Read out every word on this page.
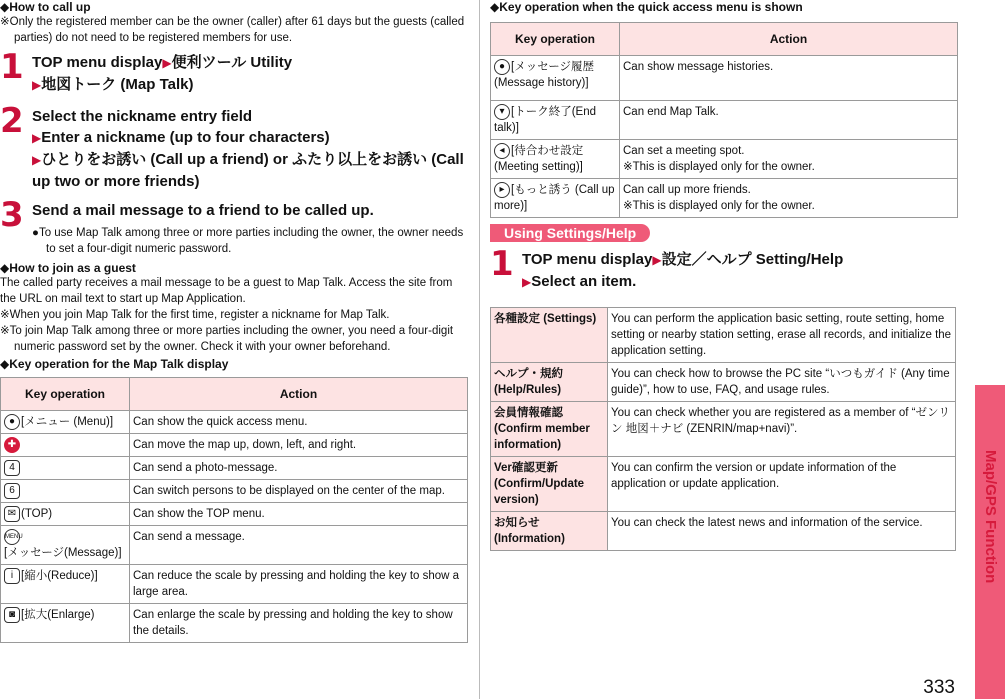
◆How to call up
※Only the registered member can be the owner (caller) after 61 days but the guests (called parties) do not need to be registered members for use.
1 TOP menu display▶便利ツール Utility
▶地図トーク (Map Talk)
2 Select the nickname entry field
▶Enter a nickname (up to four characters)
▶ひとりをお誘い (Call up a friend) or ふたり以上をお誘い (Call up two or more friends)
3 Send a mail message to a friend to be called up.
●To use Map Talk among three or more parties including the owner, the owner needs to set a four-digit numeric password.
◆How to join as a guest
The called party receives a mail message to be a guest to Map Talk. Access the site from the URL on mail text to start up Map Application.
※When you join Map Talk for the first time, register a nickname for Map Talk.
※To join Map Talk among three or more parties including the owner, you need a four-digit numeric password set by the owner. Check it with your owner beforehand.
◆Key operation for the Map Talk display
Key operation	Action
● [メニュー (Menu)]	Can show the quick access menu.
✚	Can move the map up, down, left, and right.
4	Can send a photo-message.
6	Can switch persons to be displayed on the center of the map.
✉ (TOP)	Can show the TOP menu.
MENU
[メッセージ(Message)]	Can send a message.
i [縮小(Reduce)]	Can reduce the scale by pressing and holding the key to show a large area.
◙ [拡大(Enlarge)	Can enlarge the scale by pressing and holding the key to show the details.
◆Key operation when the quick access menu is shown
Key operation	Action
● [メッセージ履歴 (Message history)]	Can show message histories.
▾ [トーク終了(End talk)]	Can end Map Talk.
◂ [待合わせ設定 (Meeting setting)]	Can set a meeting spot.
※This is displayed only for the owner.

▸ [もっと誘う (Call up more)]	Can call up more friends.
※This is displayed only for the owner.
Using Settings/Help
1 TOP menu display▶設定／ヘルプ Setting/Help
▶Select an item.
各種設定 (Settings)	You can perform the application basic setting, route setting, home setting or nearby station setting, erase all records, and initialize the application setting.
ヘルプ・規約 (Help/Rules)	You can check how to browse the PC site “いつもガイド (Any time guide)”, how to use, FAQ, and usage rules.
会員情報確認 (Confirm member information)	You can check whether you are registered as a member of “ゼンリン 地図＋ナビ (ZENRIN/map+navi)”.
Ver確認更新 (Confirm/Update version)	You can confirm the version or update information of the application or update application.
お知らせ (Information)	You can check the latest news and information of the service.	Map/GPS Function
333
